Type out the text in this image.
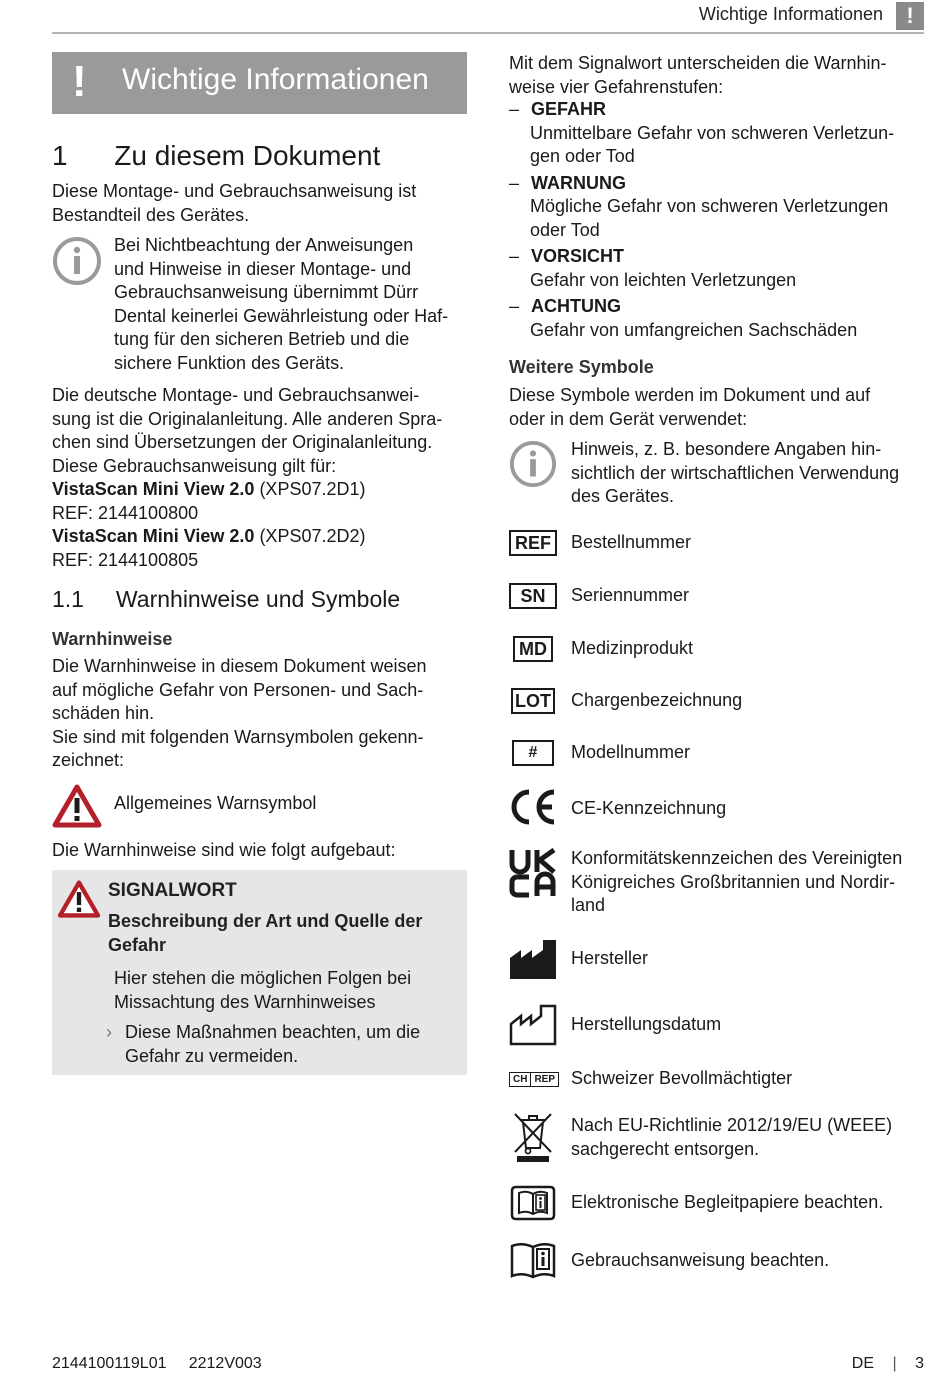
Wichtige Informationen	!
! Wichtige Informationen
1      Zu diesem Dokument
Diese Montage- und Gebrauchsanweisung ist
Bestandteil des Gerätes.
Bei Nichtbeachtung der Anweisungen
und Hinweise in dieser Montage- und
Gebrauchsanweisung übernimmt Dürr
Dental keinerlei Gewährleistung oder Haf-
tung für den sicheren Betrieb und die
sichere Funktion des Geräts.
Die deutsche Montage- und Gebrauchsanwei-
sung ist die Originalanleitung. Alle anderen Spra-
chen sind Übersetzungen der Originalanleitung.
Diese Gebrauchsanweisung gilt für:
VistaScan Mini View 2.0 (XPS07.2D1)
REF: 2144100800
VistaScan Mini View 2.0 (XPS07.2D2)
REF: 2144100805
1.1     Warnhinweise und Symbole
Warnhinweise
Die Warnhinweise in diesem Dokument weisen
auf mögliche Gefahr von Personen- und Sach-
schäden hin.
Sie sind mit folgenden Warnsymbolen gekenn-
zeichnet:
Allgemeines Warnsymbol
Die Warnhinweise sind wie folgt aufgebaut:
SIGNALWORT
Beschreibung der Art und Quelle der
Gefahr
Hier stehen die möglichen Folgen bei
Missachtung des Warnhinweises
› Diese Maßnahmen beachten, um die
Gefahr zu vermeiden.
Mit dem Signalwort unterscheiden die Warnhin-
weise vier Gefahrenstufen:
– GEFAHR
Unmittelbare Gefahr von schweren Verletzun-
gen oder Tod
– WARNUNG
Mögliche Gefahr von schweren Verletzungen
oder Tod
– VORSICHT
Gefahr von leichten Verletzungen
– ACHTUNG
Gefahr von umfangreichen Sachschäden
Weitere Symbole
Diese Symbole werden im Dokument und auf
oder in dem Gerät verwendet:
Hinweis, z. B. besondere Angaben hin-
sichtlich der wirtschaftlichen Verwendung
des Gerätes.
REF	Bestellnummer
SN	Seriennummer
MD	Medizinprodukt
LOT Chargenbezeichnung
#	Modellnummer
CE-Kennzeichnung
Konformitätskennzeichen des Vereinigten
Königreiches Großbritannien und Nordir-
land
Hersteller
Herstellungsdatum
CH REP Schweizer Bevollmächtigter
Nach EU-Richtlinie 2012/19/EU (WEEE)
sachgerecht entsorgen.
Elektronische Begleitpapiere beachten.
Gebrauchsanweisung beachten.
2144100119L01     2212V003	DE | 3
